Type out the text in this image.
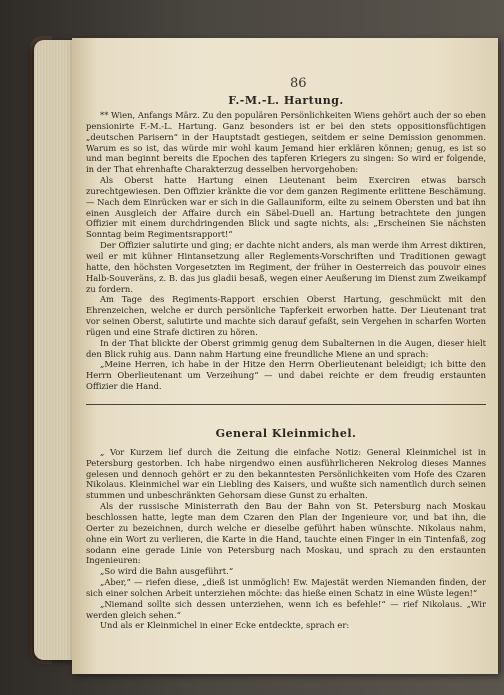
86
F.-M.-L. Hartung.

** Wien, Anfangs März. Zu den populären Persönlichkeiten Wiens gehört auch der so eben pensionirte F.-M.-L. Hartung. Ganz besonders ist er bei den stets oppositionsfüchtigen „deutschen Parisern“ in der Hauptstadt gestiegen, seitdem er seine Demission genommen. Warum es so ist, das würde mir wohl kaum Jemand hier erklären können; genug, es ist so und man beginnt bereits die Epochen des tapferen Kriegers zu singen: So wird er folgende, in der That ehrenhafte Charakterzug desselben hervorgehoben:

Als Oberst hatte Hartung einen Lieutenant beim Exerciren etwas barsch zurechtgewiesen. Den Offizier kränkte die vor dem ganzen Regimente erlittene Beschämung. — Nach dem Einrücken war er sich in die Gallauniform, eilte zu seinem Obersten und bat ihn einen Ausgleich der Affaire durch ein Säbel-Duell an. Hartung betrachtete den jungen Offizier mit einem durchdringenden Blick und sagte nichts, als: „Erscheinen Sie nächsten Sonntag beim Regimentsrapport!“

Der Offizier salutirte und ging; er dachte nicht anders, als man werde ihm Arrest diktiren, weil er mit kühner Hintansetzung aller Reglements-Vorschriften und Traditionen gewagt hatte, den höchsten Vorgesetzten im Regiment, der früher in Oesterreich das pouvoir eines Halb-Souveräns, z. B. das jus gladii besaß, wegen einer Aeußerung im Dienst zum Zweikampf zu fordern.

Am Tage des Regiments-Rapport erschien Oberst Hartung, geschmückt mit den Ehrenzeichen, welche er durch persönliche Tapferkeit erworben hatte. Der Lieutenant trat vor seinen Oberst, salutirte und machte sich darauf gefaßt, sein Vergehen in scharfen Worten rügen und eine Strafe dictiren zu hören.

In der That blickte der Oberst grimmig genug dem Subalternen in die Augen, dieser hielt den Blick ruhig aus. Dann nahm Hartung eine freundliche Miene an und sprach:

„Meine Herren, ich habe in der Hitze den Herrn Oberlieutenant beleidigt; ich bitte den Herrn Oberlieutenant um Verzeihung“ — und dabei reichte er dem freudig erstaunten Offizier die Hand.

General Kleinmichel.

„ Vor Kurzem lief durch die Zeitung die einfache Notiz: General Kleinmichel ist in Petersburg gestorben. Ich habe nirgendwo einen ausführlicheren Nekrolog dieses Mannes gelesen und dennoch gehört er zu den bekanntesten Persönlichkeiten vom Hofe des Czaren Nikolaus. Kleinmichel war ein Liebling des Kaisers, und wußte sich namentlich durch seinen stummen und unbeschränkten Gehorsam diese Gunst zu erhalten.

Als der russische Ministerrath den Bau der Bahn von St. Petersburg nach Moskau beschlossen hatte, legte man dem Czaren den Plan der Ingenieure vor, und bat ihn, die Oerter zu bezeichnen, durch welche er dieselbe geführt haben wünschte. Nikolaus nahm, ohne ein Wort zu verlieren, die Karte in die Hand, tauchte einen Finger in ein Tintenfaß, zog sodann eine gerade Linie von Petersburg nach Moskau, und sprach zu den erstaunten Ingenieuren:

„So wird die Bahn ausgeführt.“

„Aber,“ — riefen diese, „dieß ist unmöglich! Ew. Majestät werden Niemanden finden, der sich einer solchen Arbeit unterziehen möchte: das hieße einen Schatz in eine Wüste legen!“

„Niemand sollte sich dessen unterziehen, wenn ich es befehle!“ — rief Nikolaus. „Wir werden gleich sehen.“

Und als er Kleinmichel in einer Ecke entdeckte, sprach er:
